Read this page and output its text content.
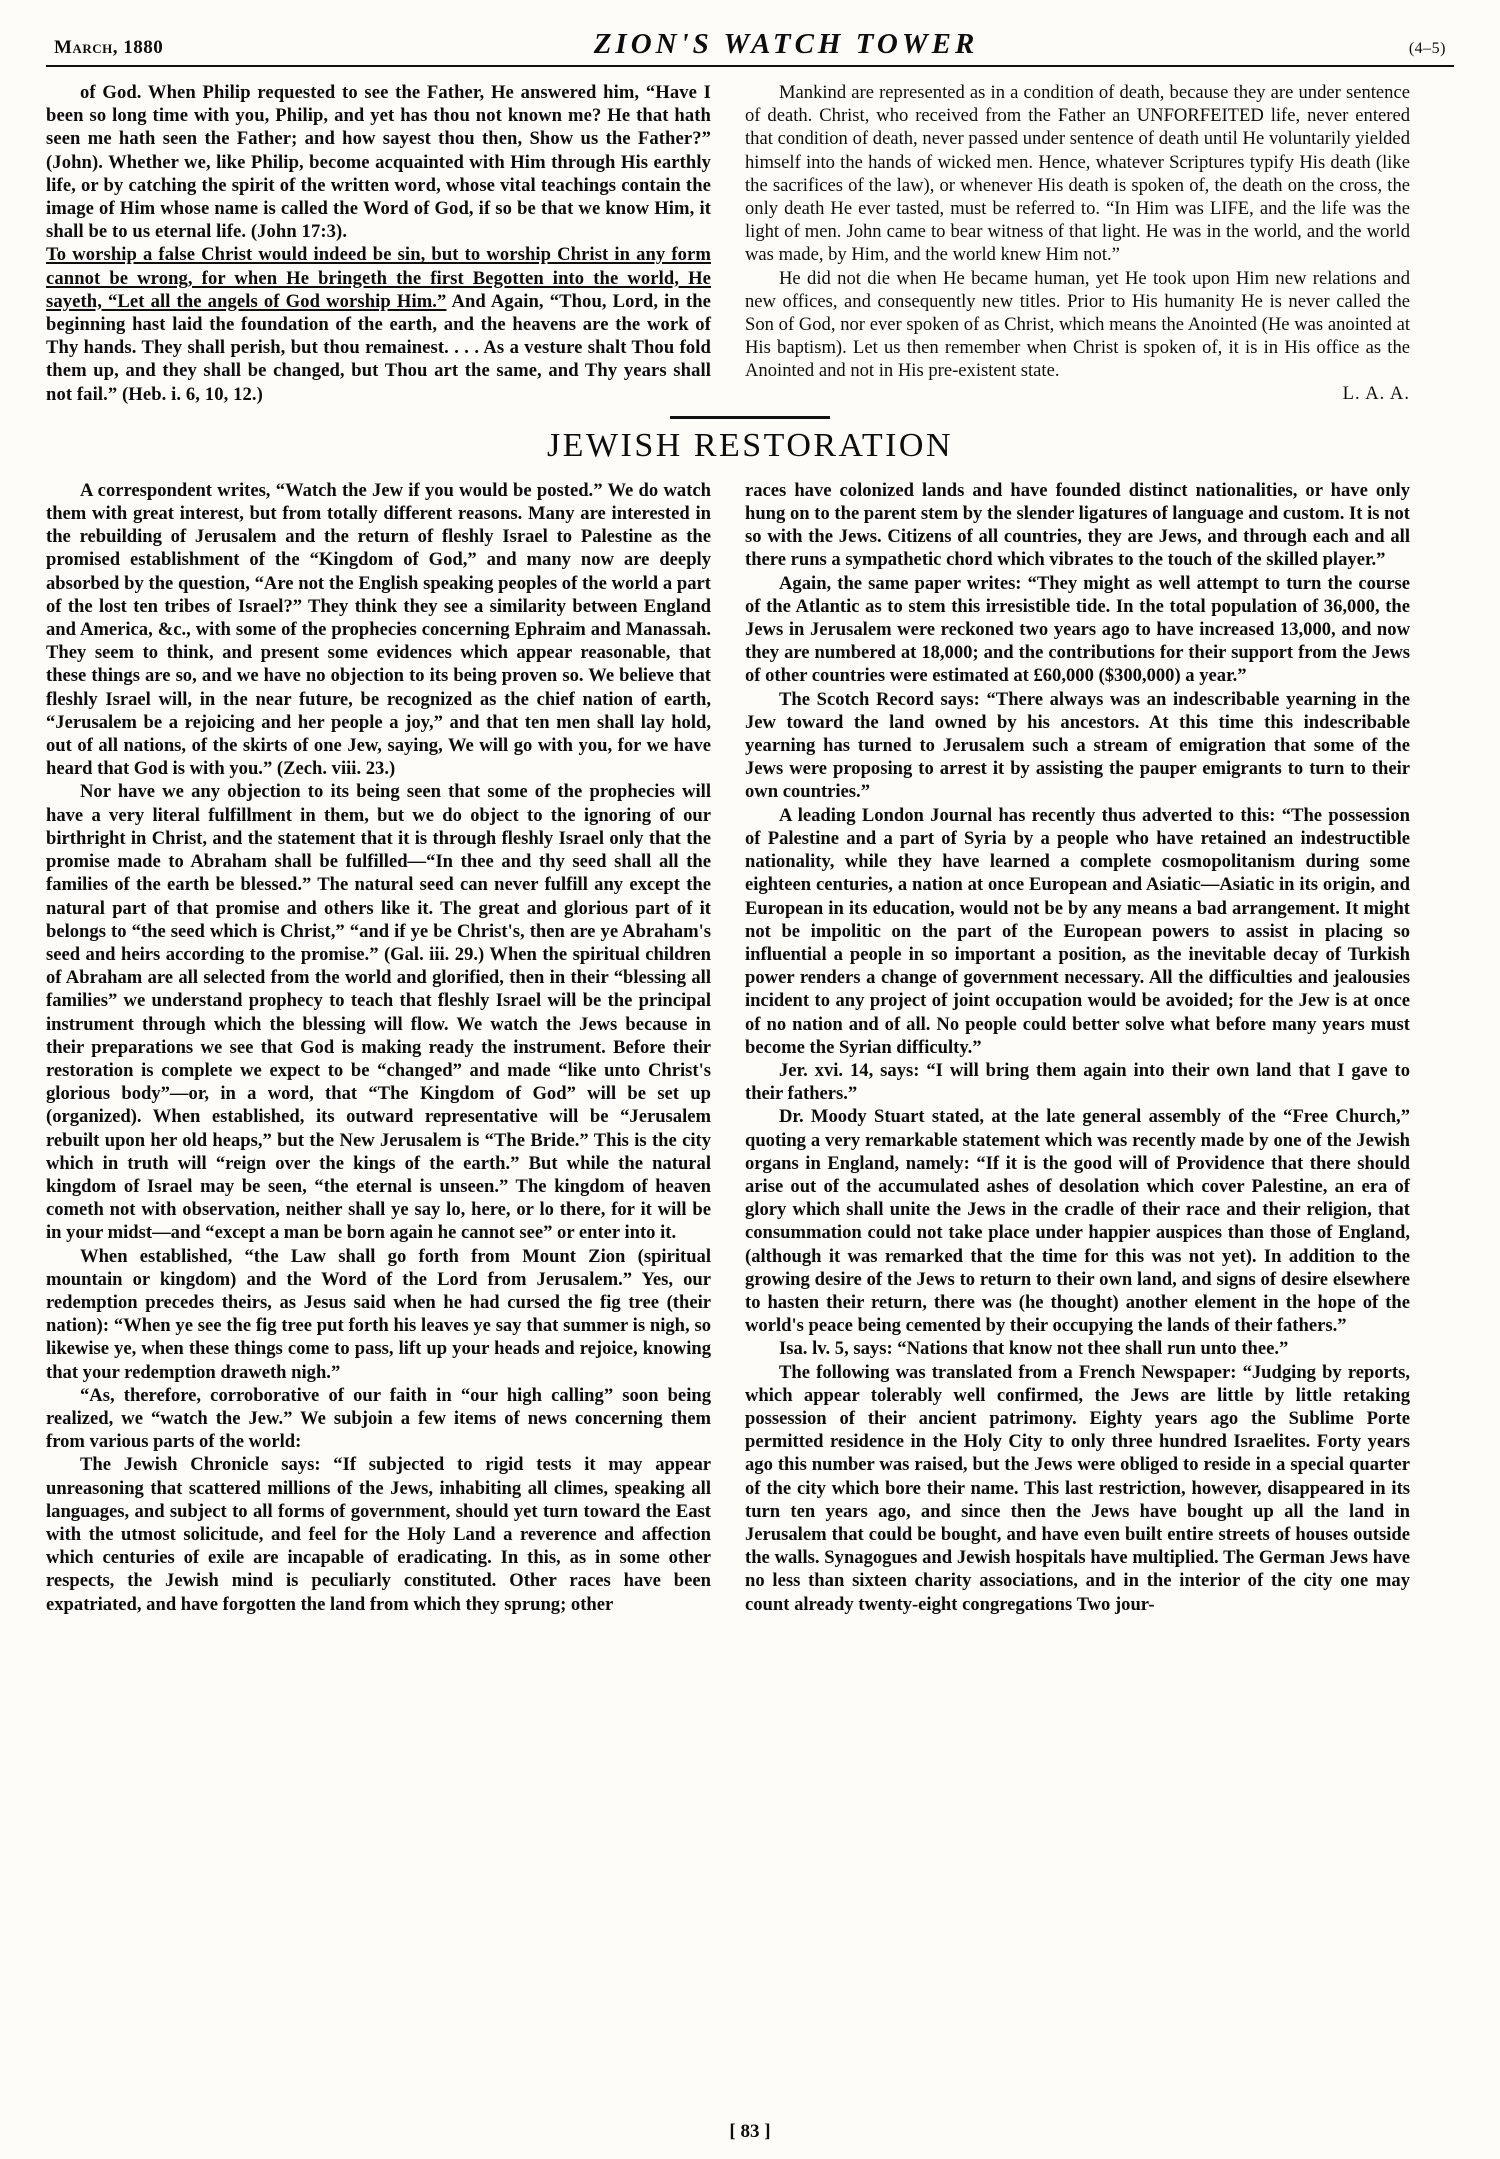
March, 1880	ZION'S WATCH TOWER	(4–5)

of God. When Philip requested to see the Father, He answered him, “Have I been so long time with you, Philip, and yet has thou not known me? He that hath seen me hath seen the Father; and how sayest thou then, Show us the Father?” (John). Whether we, like Philip, become acquainted with Him through His earthly life, or by catching the spirit of the written word, whose vital teachings contain the image of Him whose name is called the Word of God, if so be that we know Him, it shall be to us eternal life. (John 17:3).

To worship a false Christ would indeed be sin, but to worship Christ in any form cannot be wrong, for when He bringeth the first Begotten into the world, He sayeth, “Let all the angels of God worship Him.” And Again, “Thou, Lord, in the beginning hast laid the foundation of the earth, and the heavens are the work of Thy hands. They shall perish, but thou remainest. . . . As a vesture shalt Thou fold them up, and they shall be changed, but Thou art the same, and Thy years shall not fail.” (Heb. i. 6, 10, 12.)

Mankind are represented as in a condition of death, because they are under sentence of death. Christ, who received from the Father an UNFORFEITED life, never entered that condition of death, never passed under sentence of death until He voluntarily yielded himself into the hands of wicked men. Hence, whatever Scriptures typify His death (like the sacrifices of the law), or whenever His death is spoken of, the death on the cross, the only death He ever tasted, must be referred to. “In Him was LIFE, and the life was the light of men. John came to bear witness of that light. He was in the world, and the world was made, by Him, and the world knew Him not.”

He did not die when He became human, yet He took upon Him new relations and new offices, and consequently new titles. Prior to His humanity He is never called the Son of God, nor ever spoken of as Christ, which means the Anointed (He was anointed at His baptism). Let us then remember when Christ is spoken of, it is in His office as the Anointed and not in His pre-existent state.

L. A. A.
JEWISH RESTORATION

A correspondent writes, “Watch the Jew if you would be posted.” We do watch them with great interest, but from totally different reasons. Many are interested in the rebuilding of Jerusalem and the return of fleshly Israel to Palestine as the promised establishment of the “Kingdom of God,” and many now are deeply absorbed by the question, “Are not the English speaking peoples of the world a part of the lost ten tribes of Israel?” They think they see a similarity between England and America, &c., with some of the prophecies concerning Ephraim and Manassah. They seem to think, and present some evidences which appear reasonable, that these things are so, and we have no objection to its being proven so. We believe that fleshly Israel will, in the near future, be recognized as the chief nation of earth, “Jerusalem be a rejoicing and her people a joy,” and that ten men shall lay hold, out of all nations, of the skirts of one Jew, saying, We will go with you, for we have heard that God is with you.” (Zech. viii. 23.)

Nor have we any objection to its being seen that some of the prophecies will have a very literal fulfillment in them, but we do object to the ignoring of our birthright in Christ, and the statement that it is through fleshly Israel only that the promise made to Abraham shall be fulfilled—“In thee and thy seed shall all the families of the earth be blessed.” The natural seed can never fulfill any except the natural part of that promise and others like it. The great and glorious part of it belongs to “the seed which is Christ,” “and if ye be Christ's, then are ye Abraham's seed and heirs according to the promise.” (Gal. iii. 29.) When the spiritual children of Abraham are all selected from the world and glorified, then in their “blessing all families” we understand prophecy to teach that fleshly Israel will be the principal instrument through which the blessing will flow. We watch the Jews because in their preparations we see that God is making ready the instrument. Before their restoration is complete we expect to be “changed” and made “like unto Christ's glorious body”—or, in a word, that “The Kingdom of God” will be set up (organized). When established, its outward representative will be “Jerusalem rebuilt upon her old heaps,” but the New Jerusalem is “The Bride.” This is the city which in truth will “reign over the kings of the earth.” But while the natural kingdom of Israel may be seen, “the eternal is unseen.” The kingdom of heaven cometh not with observation, neither shall ye say lo, here, or lo there, for it will be in your midst—and “except a man be born again he cannot see” or enter into it.

When established, “the Law shall go forth from Mount Zion (spiritual mountain or kingdom) and the Word of the Lord from Jerusalem.” Yes, our redemption precedes theirs, as Jesus said when he had cursed the fig tree (their nation): “When ye see the fig tree put forth his leaves ye say that summer is nigh, so likewise ye, when these things come to pass, lift up your heads and rejoice, knowing that your redemption draweth nigh.”

“As, therefore, corroborative of our faith in “our high calling” soon being realized, we “watch the Jew.” We subjoin a few items of news concerning them from various parts of the world:

The Jewish Chronicle says: “If subjected to rigid tests it may appear unreasoning that scattered millions of the Jews, inhabiting all climes, speaking all languages, and subject to all forms of government, should yet turn toward the East with the utmost solicitude, and feel for the Holy Land a reverence and affection which centuries of exile are incapable of eradicating. In this, as in some other respects, the Jewish mind is peculiarly constituted. Other races have been expatriated, and have forgotten the land from which they sprung; other

races have colonized lands and have founded distinct nationalities, or have only hung on to the parent stem by the slender ligatures of language and custom. It is not so with the Jews. Citizens of all countries, they are Jews, and through each and all there runs a sympathetic chord which vibrates to the touch of the skilled player.”

Again, the same paper writes: “They might as well attempt to turn the course of the Atlantic as to stem this irresistible tide. In the total population of 36,000, the Jews in Jerusalem were reckoned two years ago to have increased 13,000, and now they are numbered at 18,000; and the contributions for their support from the Jews of other countries were estimated at £60,000 ($300,000) a year.”

The Scotch Record says: “There always was an indescribable yearning in the Jew toward the land owned by his ancestors. At this time this indescribable yearning has turned to Jerusalem such a stream of emigration that some of the Jews were proposing to arrest it by assisting the pauper emigrants to turn to their own countries.”

A leading London Journal has recently thus adverted to this: “The possession of Palestine and a part of Syria by a people who have retained an indestructible nationality, while they have learned a complete cosmopolitanism during some eighteen centuries, a nation at once European and Asiatic—Asiatic in its origin, and European in its education, would not be by any means a bad arrangement. It might not be impolitic on the part of the European powers to assist in placing so influential a people in so important a position, as the inevitable decay of Turkish power renders a change of government necessary. All the difficulties and jealousies incident to any project of joint occupation would be avoided; for the Jew is at once of no nation and of all. No people could better solve what before many years must become the Syrian difficulty.”

Jer. xvi. 14, says: “I will bring them again into their own land that I gave to their fathers.”

Dr. Moody Stuart stated, at the late general assembly of the “Free Church,” quoting a very remarkable statement which was recently made by one of the Jewish organs in England, namely: “If it is the good will of Providence that there should arise out of the accumulated ashes of desolation which cover Palestine, an era of glory which shall unite the Jews in the cradle of their race and their religion, that consummation could not take place under happier auspices than those of England, (although it was remarked that the time for this was not yet). In addition to the growing desire of the Jews to return to their own land, and signs of desire elsewhere to hasten their return, there was (he thought) another element in the hope of the world's peace being cemented by their occupying the lands of their fathers.”

Isa. lv. 5, says: “Nations that know not thee shall run unto thee.”

The following was translated from a French Newspaper: “Judging by reports, which appear tolerably well confirmed, the Jews are little by little retaking possession of their ancient patrimony. Eighty years ago the Sublime Porte permitted residence in the Holy City to only three hundred Israelites. Forty years ago this number was raised, but the Jews were obliged to reside in a special quarter of the city which bore their name. This last restriction, however, disappeared in its turn ten years ago, and since then the Jews have bought up all the land in Jerusalem that could be bought, and have even built entire streets of houses outside the walls. Synagogues and Jewish hospitals have multiplied. The German Jews have no less than sixteen charity associations, and in the interior of the city one may count already twenty-eight congregations Two jour-

[ 83 ]
